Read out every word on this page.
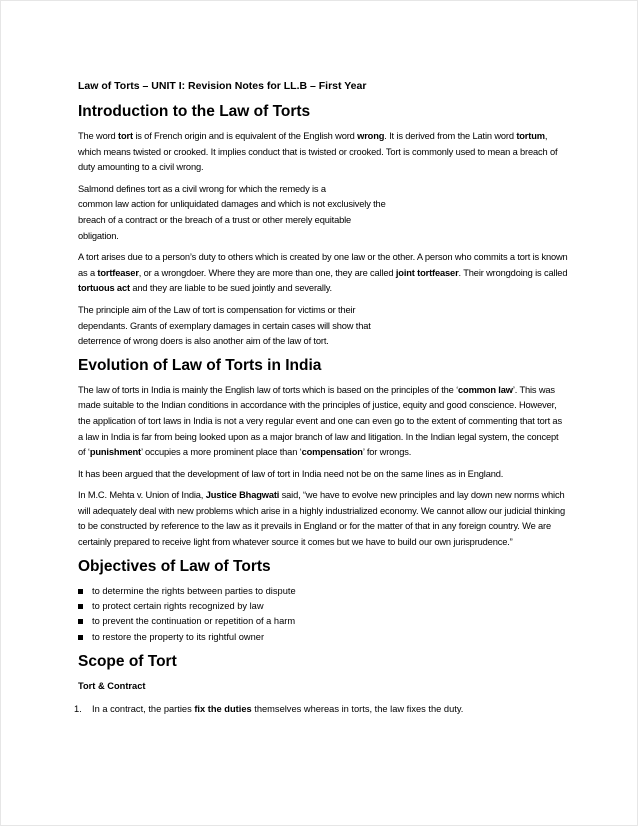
Law of Torts – UNIT I: Revision Notes for LL.B – First Year
Introduction to the Law of Torts

The word tort is of French origin and is equivalent of the English word wrong. It is derived from the Latin word tortum, which means twisted or crooked. It implies conduct that is twisted or crooked. Tort is commonly used to mean a breach of duty amounting to a civil wrong.

Salmond defines tort as a civil wrong for which the remedy is a
common law action for unliquidated damages and which is not exclusively the
breach of a contract or the breach of a trust or other merely equitable
obligation.

A tort arises due to a person’s duty to others which is created by one law or the other. A person who commits a tort is known as a tortfeaser, or a wrongdoer. Where they are more than one, they are called joint tortfeaser. Their wrongdoing is called tortuous act and they are liable to be sued jointly and severally.

The principle aim of the Law of tort is compensation for victims or their
dependants. Grants of exemplary damages in certain cases will show that
deterrence of wrong doers is also another aim of the law of tort.

Evolution of Law of Torts in India

The law of torts in India is mainly the English law of torts which is based on the principles of the ‘common law’. This was made suitable to the Indian conditions in accordance with the principles of justice, equity and good conscience. However, the application of tort laws in India is not a very regular event and one can even go to the extent of commenting that tort as a law in India is far from being looked upon as a major branch of law and litigation. In the Indian legal system, the concept of ‘punishment’ occupies a more prominent place than ‘compensation’ for wrongs.

It has been argued that the development of law of tort in India need not be on the same lines as in England.

In M.C. Mehta v. Union of India, Justice Bhagwati said, “we have to evolve new principles and lay down new norms which will adequately deal with new problems which arise in a highly industrialized economy. We cannot allow our judicial thinking to be constructed by reference to the law as it prevails in England or for the matter of that in any foreign country. We are certainly prepared to receive light from whatever source it comes but we have to build our own jurisprudence.”

Objectives of Law of Torts
to determine the rights between parties to dispute
to protect certain rights recognized by law
to prevent the continuation or repetition of a harm
to restore the property to its rightful owner
Scope of Tort
Tort & Contract
1. In a contract, the parties fix the duties themselves whereas in torts, the law fixes the duty.
